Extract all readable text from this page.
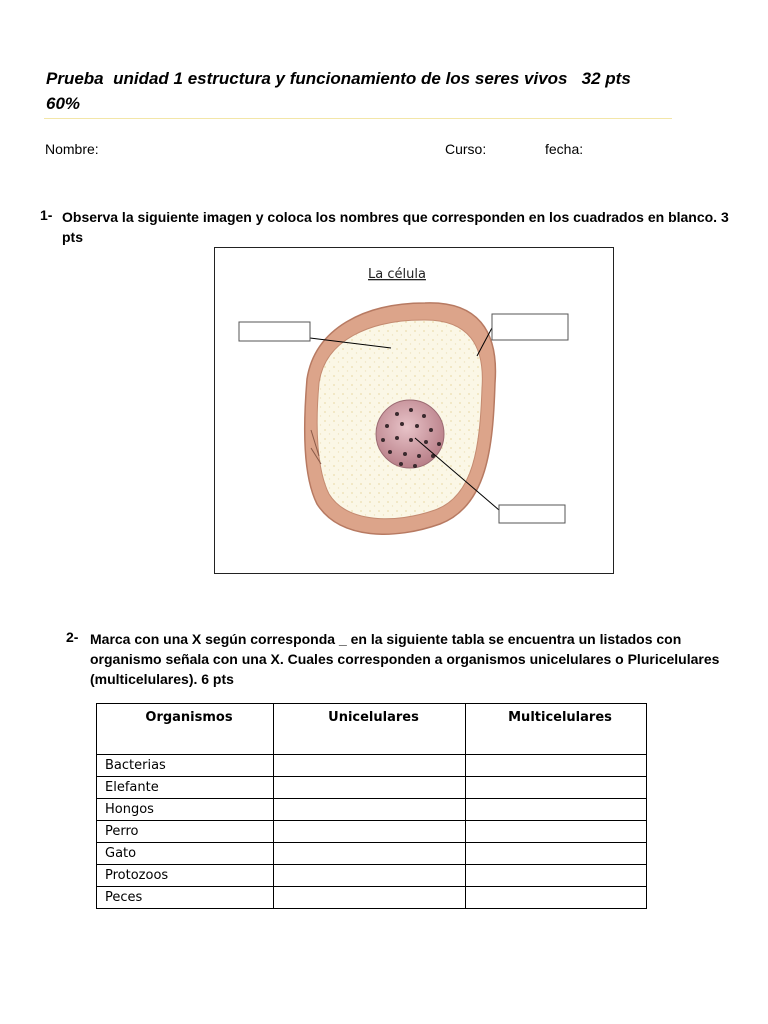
Prueba  unidad 1 estructura y funcionamiento de los seres vivos   32 pts
60%
Nombre:	Curso:	fecha:
1- Observa la siguiente imagen y coloca los nombres que corresponden en los cuadrados en blanco. 3 pts
La célula
2- Marca con una X según corresponda _ en la siguiente tabla se encuentra un listados con organismo señala con una X. Cuales corresponden a organismos unicelulares o Pluricelulares (multicelulares). 6 pts
Organismos	Unicelulares	Multicelulares
Bacterias		
Elefante		
Hongos		
Perro		
Gato		
Protozoos		
Peces		
